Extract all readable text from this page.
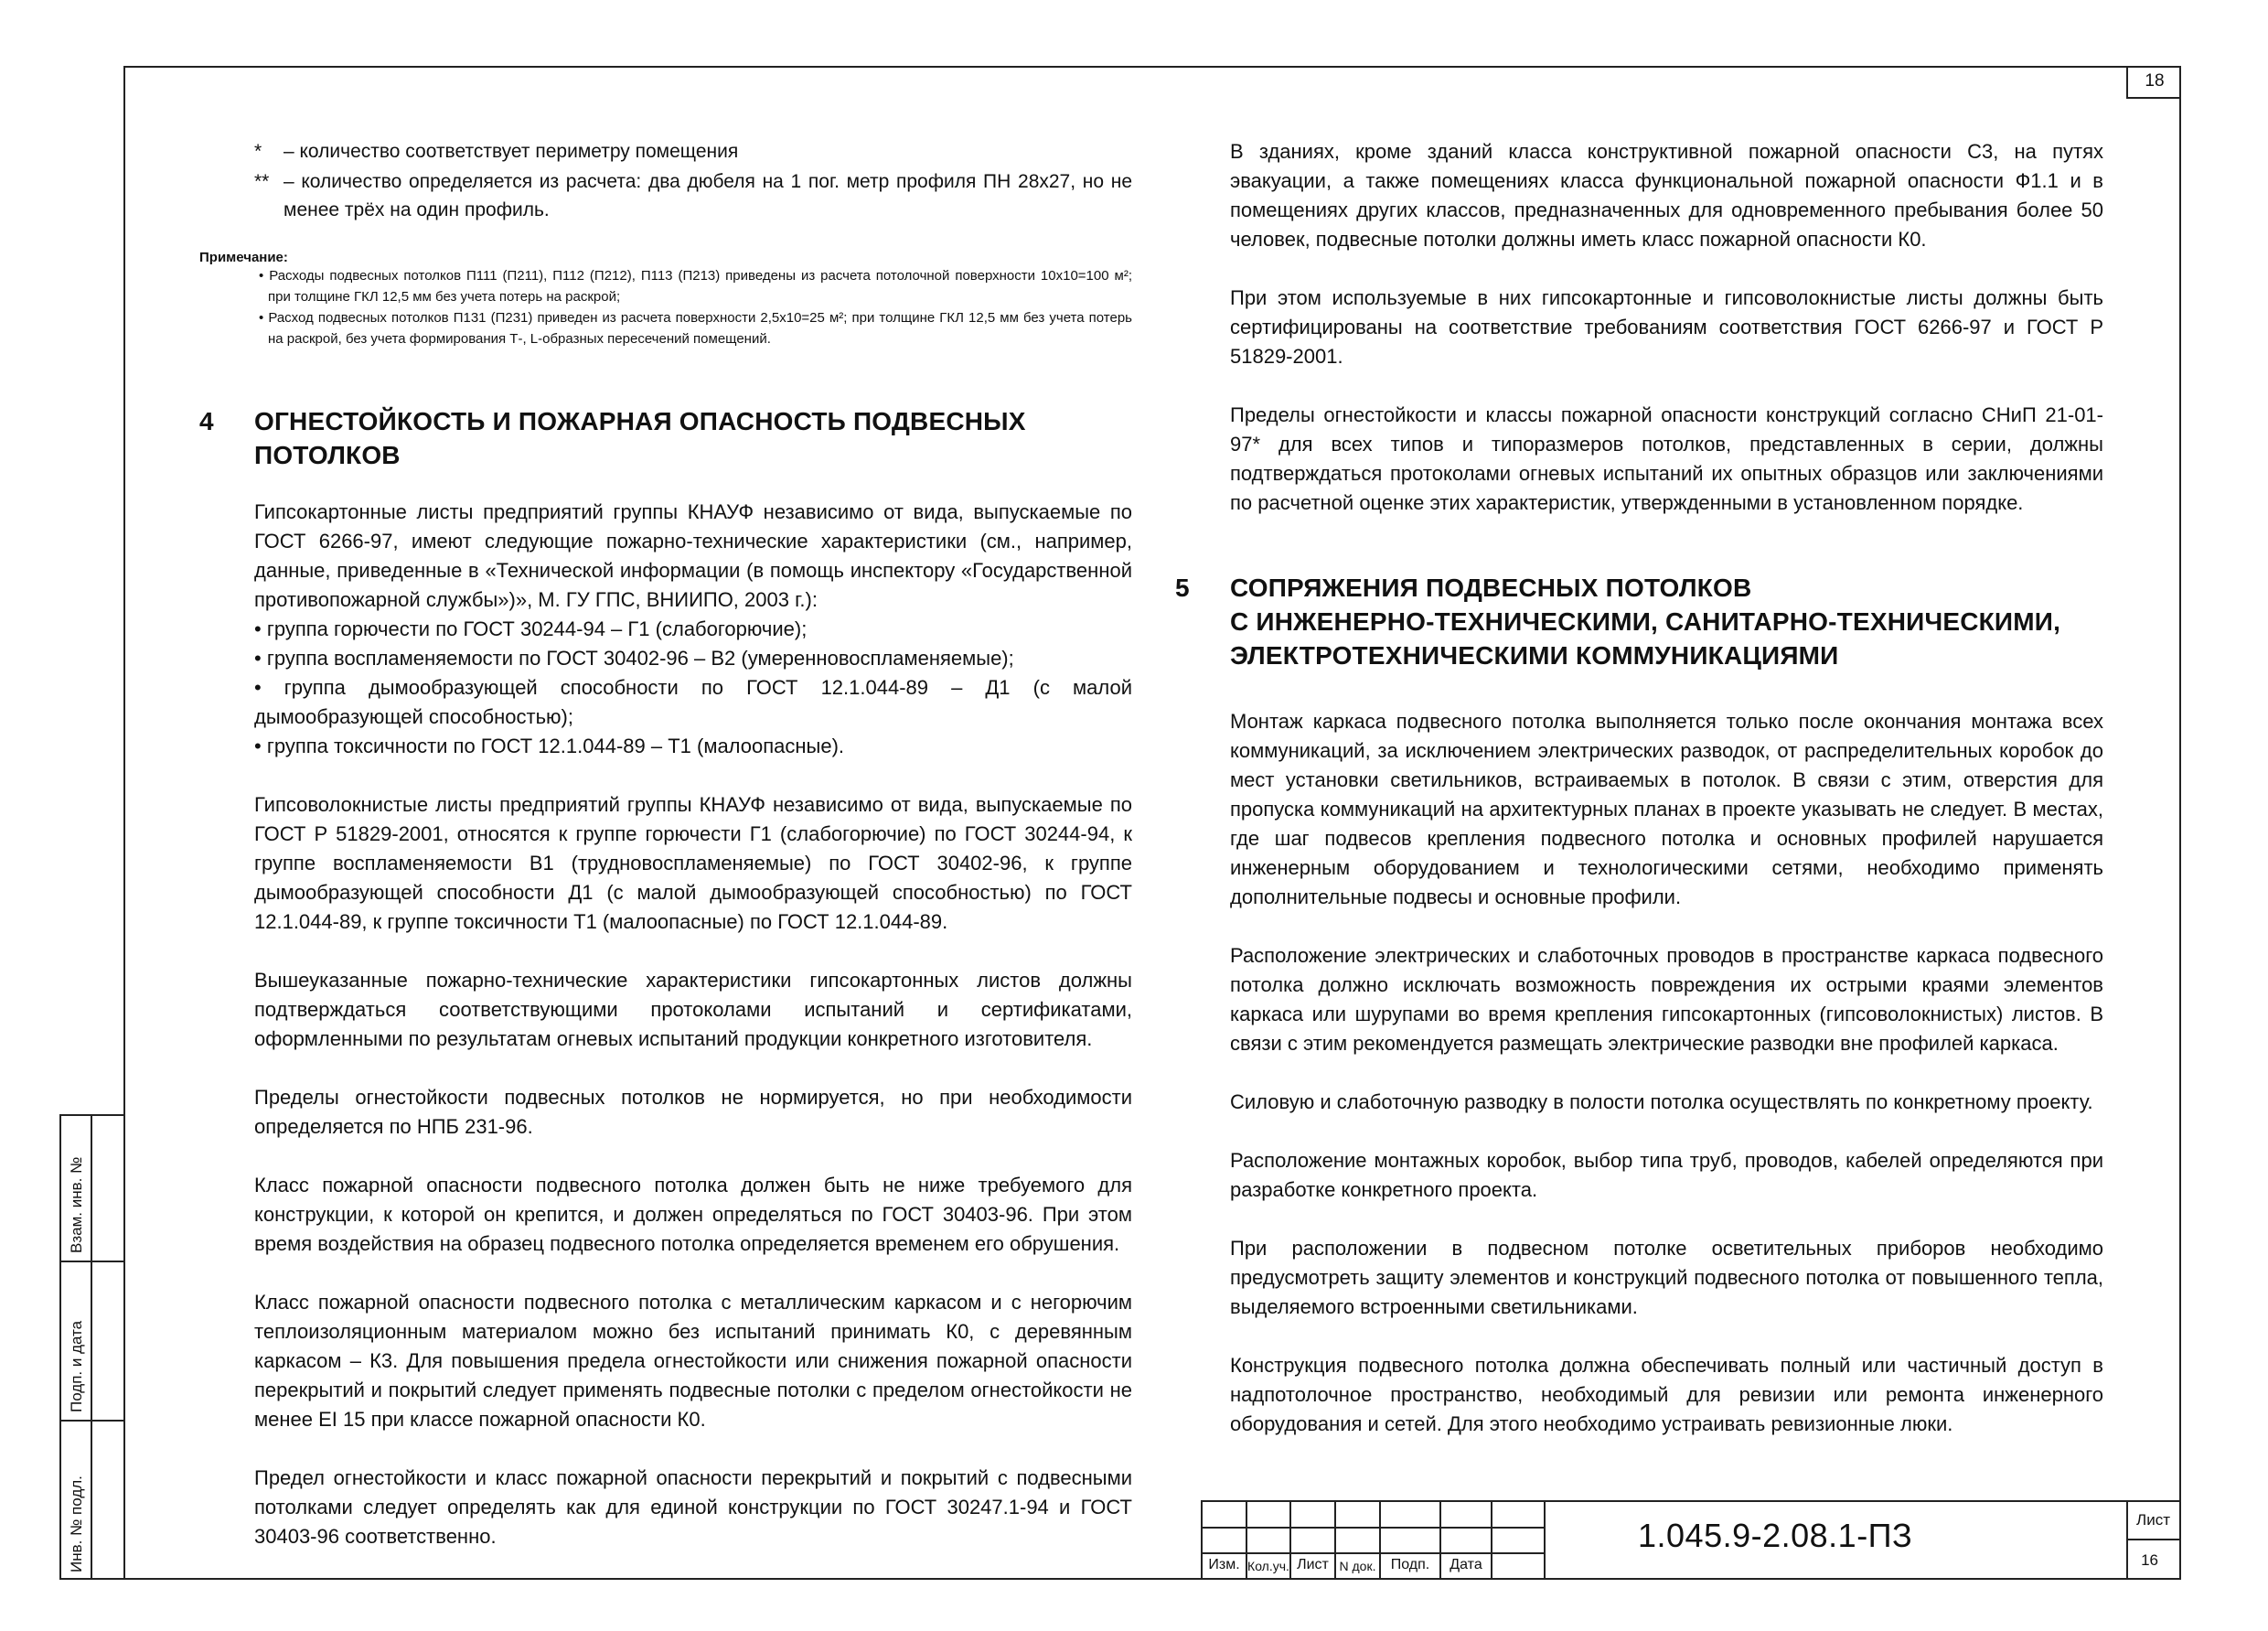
18
Взам. инв. №
Подп. и дата
Инв. № подл.
*	– количество соответствует периметру помещения
** – количество определяется из расчета: два дюбеля на 1 пог. метр профиля ПН 28х27, но не менее трёх на один профиль.
Примечание:
• Расходы подвесных потолков П111 (П211), П112 (П212), П113 (П213) приведены из расчета потолочной поверхности 10х10=100 м²; при толщине ГКЛ 12,5 мм без учета потерь на раскрой;
• Расход подвесных потолков П131 (П231) приведен из расчета поверхности 2,5х10=25 м²; при толщине ГКЛ 12,5 мм без учета потерь на раскрой, без учета формирования Т-, L-образных пересечений помещений.
4 ОГНЕСТОЙКОСТЬ И ПОЖАРНАЯ ОПАСНОСТЬ ПОДВЕСНЫХ ПОТОЛКОВ

Гипсокартонные листы предприятий группы КНАУФ независимо от вида, выпускаемые по ГОСТ 6266-97, имеют следующие пожарно-технические характеристики (см., например, данные, приведенные в «Технической информации (в помощь инспектору «Государственной противопожарной службы»)», М. ГУ ГПС, ВНИИПО, 2003 г.):

• группа горючести по ГОСТ 30244-94 – Г1 (слабогорючие);
• группа воспламеняемости по ГОСТ 30402-96 – В2 (умеренновоспламеняемые);
• группа дымообразующей способности по ГОСТ 12.1.044-89 – Д1 (с малой дымообразующей способностью);
• группа токсичности по ГОСТ 12.1.044-89 – Т1 (малоопасные).

Гипсоволокнистые листы предприятий группы КНАУФ независимо от вида, выпускаемые по ГОСТ Р 51829-2001, относятся к группе горючести Г1 (слабогорючие) по ГОСТ 30244-94, к группе воспламеняемости В1 (трудновоспламеняемые) по ГОСТ 30402-96, к группе дымообразующей способности Д1 (с малой дымообразующей способностью) по ГОСТ 12.1.044-89, к группе токсичности Т1 (малоопасные) по ГОСТ 12.1.044-89.

Вышеуказанные пожарно-технические характеристики гипсокартонных листов должны подтверждаться соответствующими протоколами испытаний и сертификатами, оформленными по результатам огневых испытаний продукции конкретного изготовителя.

Пределы огнестойкости подвесных потолков не нормируется, но при необходимости определяется по НПБ 231-96.

Класс пожарной опасности подвесного потолка должен быть не ниже требуемого для конструкции, к которой он крепится, и должен определяться по ГОСТ 30403-96. При этом время воздействия на образец подвесного потолка определяется временем его обрушения.

Класс пожарной опасности подвесного потолка с металлическим каркасом и с негорючим теплоизоляционным материалом можно без испытаний принимать К0, с деревянным каркасом – К3. Для повышения предела огнестойкости или снижения пожарной опасности перекрытий и покрытий следует применять подвесные потолки с пределом огнестойкости не менее EI 15 при классе пожарной опасности К0.

Предел огнестойкости и класс пожарной опасности перекрытий и покрытий с подвесными потолками следует определять как для единой конструкции по ГОСТ 30247.1-94 и ГОСТ 30403-96 соответственно.

В зданиях, кроме зданий класса конструктивной пожарной опасности С3, на путях эвакуации, а также помещениях класса функциональной пожарной опасности Ф1.1 и в помещениях других классов, предназначенных для одновременного пребывания более 50 человек, подвесные потолки должны иметь класс пожарной опасности К0.

При этом используемые в них гипсокартонные и гипсоволокнистые листы должны быть сертифицированы на соответствие требованиям соответствия ГОСТ 6266-97 и ГОСТ Р 51829-2001.

Пределы огнестойкости и классы пожарной опасности конструкций согласно СНиП 21-01-97* для всех типов и типоразмеров потолков, представленных в серии, должны подтверждаться протоколами огневых испытаний их опытных образцов или заключениями по расчетной оценке этих характеристик, утвержденными в установленном порядке.

5 СОПРЯЖЕНИЯ ПОДВЕСНЫХ ПОТОЛКОВ
С ИНЖЕНЕРНО-ТЕХНИЧЕСКИМИ, САНИТАРНО-ТЕХНИЧЕСКИМИ,
ЭЛЕКТРОТЕХНИЧЕСКИМИ КОММУНИКАЦИЯМИ

Монтаж каркаса подвесного потолка выполняется только после окончания монтажа всех коммуникаций, за исключением электрических разводок, от распределительных коробок до мест установки светильников, встраиваемых в потолок. В связи с этим, отверстия для пропуска коммуникаций на архитектурных планах в проекте указывать не следует. В местах, где шаг подвесов крепления подвесного потолка и основных профилей нарушается инженерным оборудованием и технологическими сетями, необходимо применять дополнительные подвесы и основные профили.

Расположение электрических и слаботочных проводов в пространстве каркаса подвесного потолка должно исключать возможность повреждения их острыми краями элементов каркаса или шурупами во время крепления гипсокартонных (гипсоволокнистых) листов. В связи с этим рекомендуется размещать электрические разводки вне профилей каркаса.

Силовую и слаботочную разводку в полости потолка осуществлять по конкретному проекту.

Расположение монтажных коробок, выбор типа труб, проводов, кабелей определяются при разработке конкретного проекта.

При расположении в подвесном потолке осветительных приборов необходимо предусмотреть защиту элементов и конструкций подвесного потолка от повышенного тепла, выделяемого встроенными светильниками.

Конструкция подвесного потолка должна обеспечивать полный или частичный доступ в надпотолочное пространство, необходимый для ревизии или ремонта инженерного оборудования и сетей. Для этого необходимо устраивать ревизионные люки.

Изм. Кол.уч. Лист N док.	Подп.	Дата
1.045.9-2.08.1-ПЗ	Лист
16
